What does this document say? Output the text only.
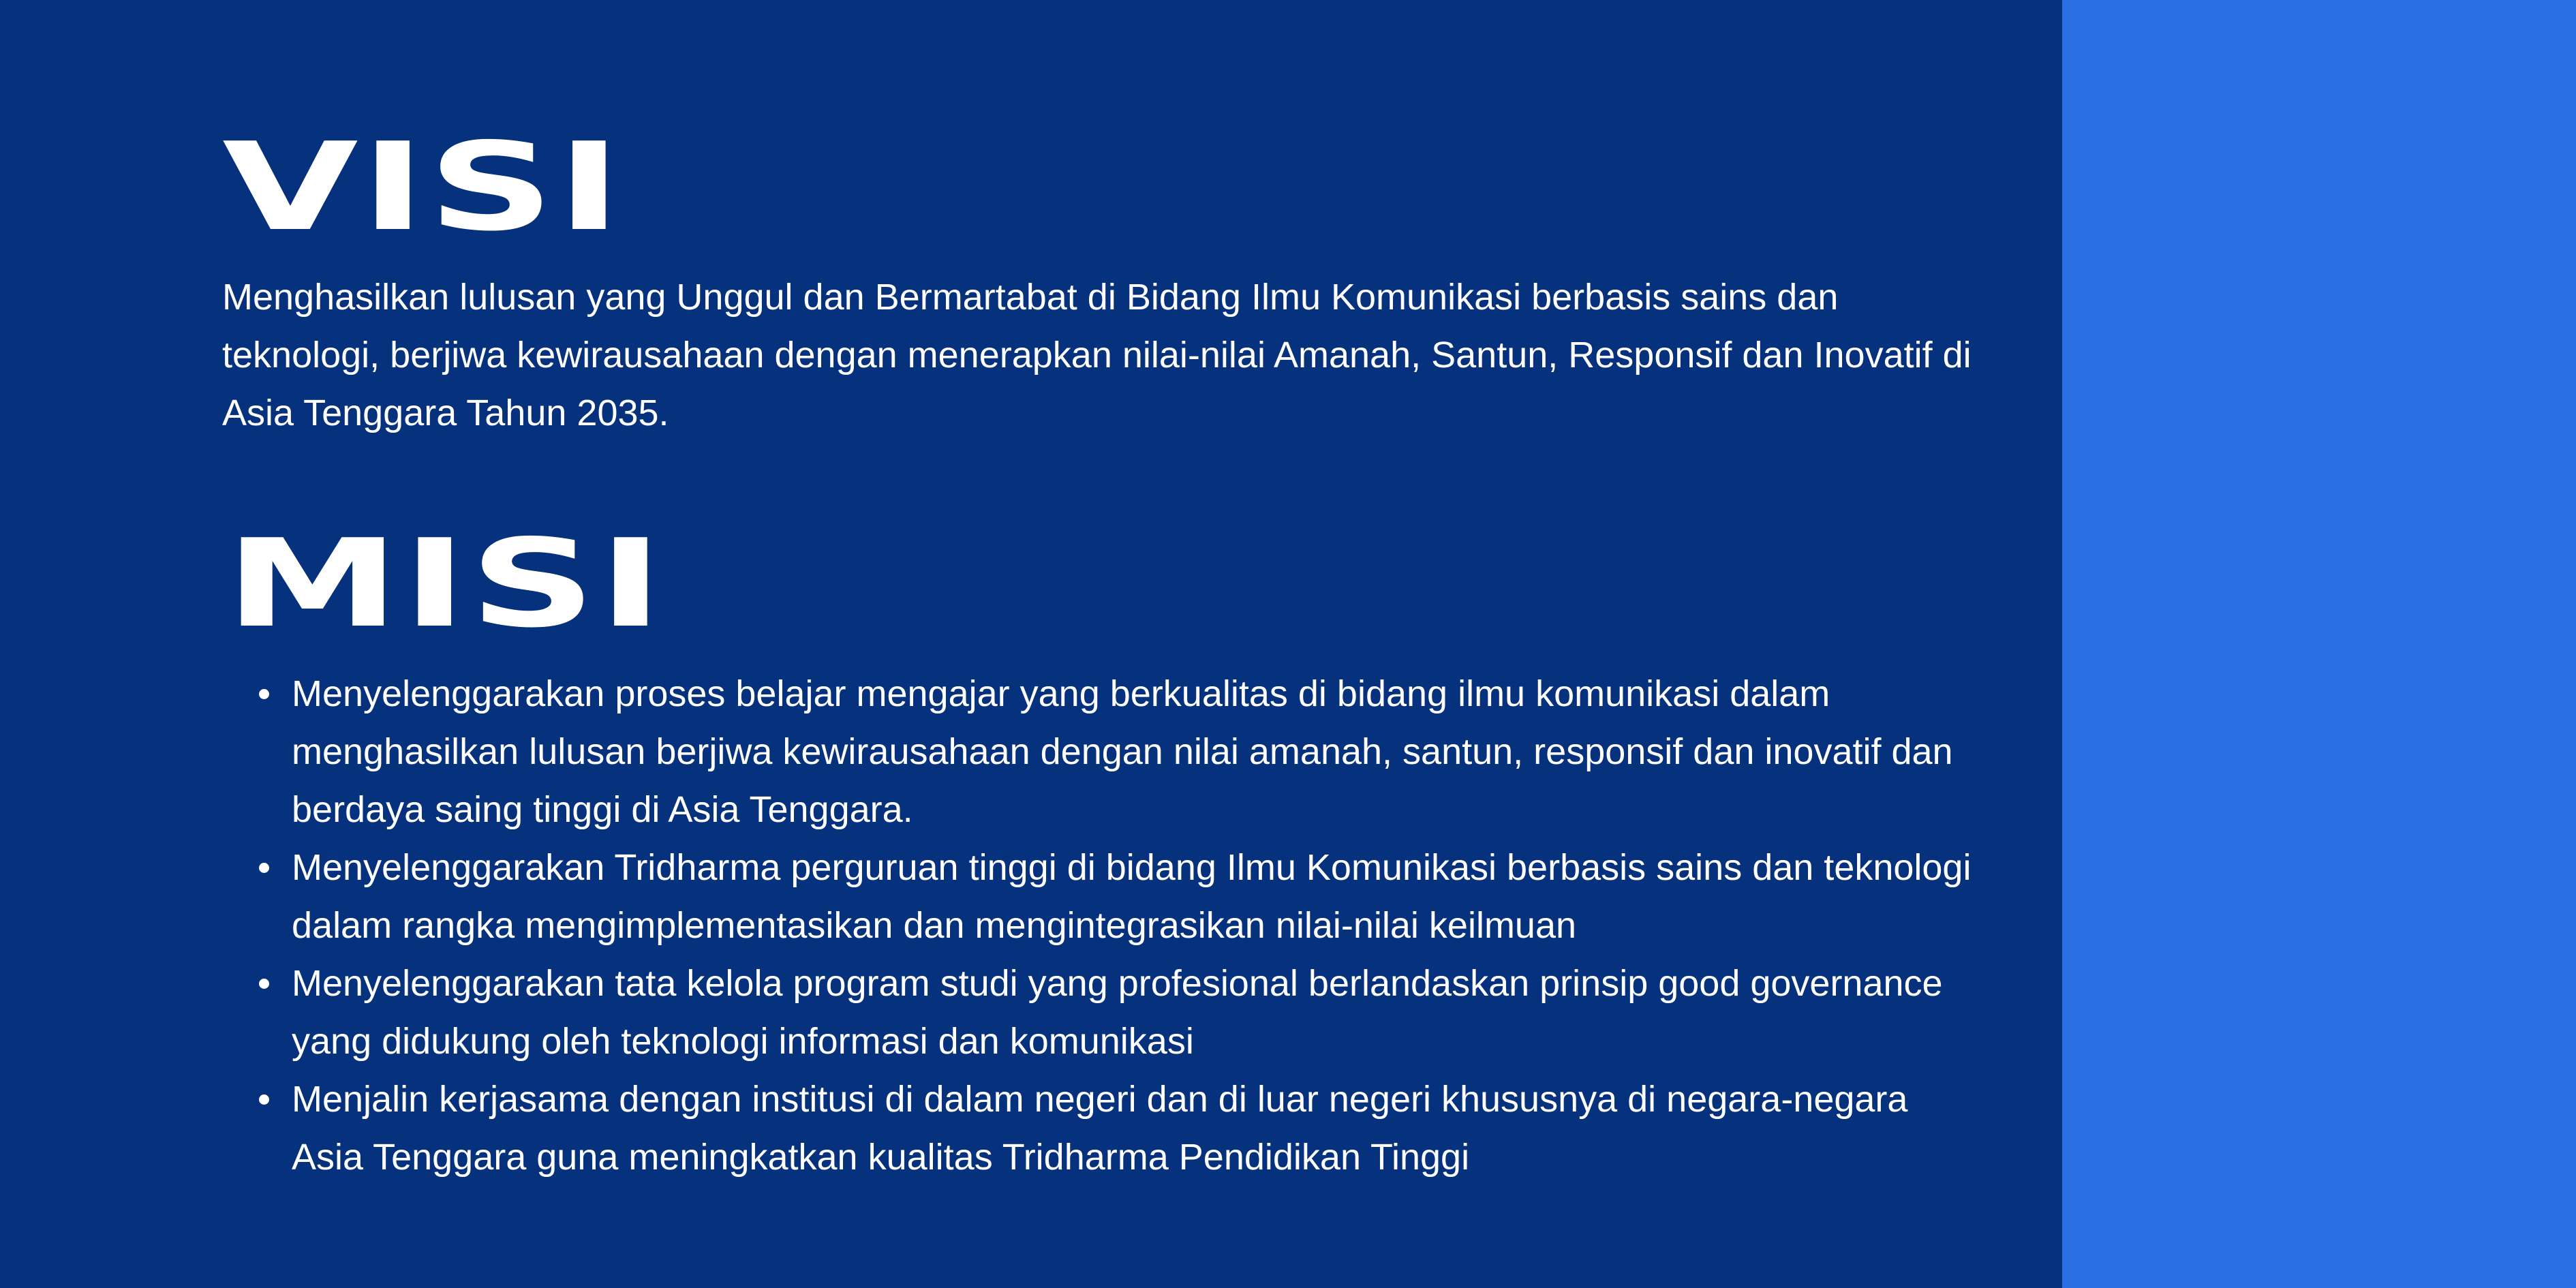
VISI

Menghasilkan lulusan yang Unggul dan Bermartabat di Bidang Ilmu Komunikasi berbasis sains dan teknologi, berjiwa kewirausahaan dengan menerapkan nilai-nilai Amanah, Santun, Responsif dan Inovatif di Asia Tenggara Tahun 2035.

MISI
Menyelenggarakan proses belajar mengajar yang berkualitas di bidang ilmu komunikasi dalam menghasilkan lulusan berjiwa kewirausahaan dengan nilai amanah, santun, responsif dan inovatif dan berdaya saing tinggi di Asia Tenggara.
Menyelenggarakan Tridharma perguruan tinggi di bidang Ilmu Komunikasi berbasis sains dan teknologi dalam rangka mengimplementasikan dan mengintegrasikan nilai-nilai keilmuan
Menyelenggarakan tata kelola program studi yang profesional berlandaskan prinsip good governance yang didukung oleh teknologi informasi dan komunikasi
Menjalin kerjasama dengan institusi di dalam negeri dan di luar negeri khususnya di negara-negara Asia Tenggara guna meningkatkan kualitas Tridharma Pendidikan Tinggi
